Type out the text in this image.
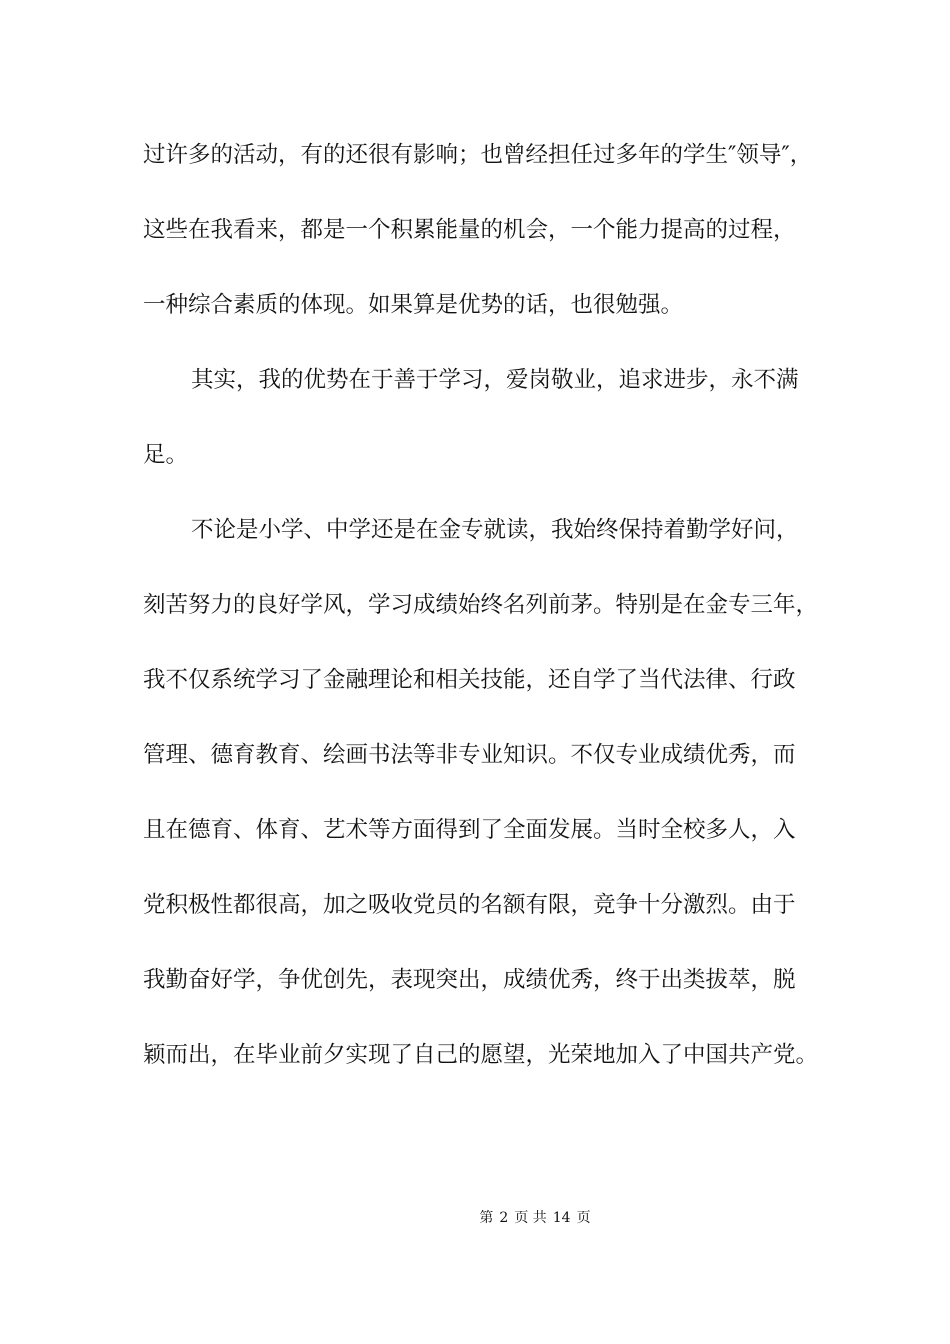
过许多的活动，有的还很有影响；也曾经担任过多年的学生″领导″，
这些在我看来，都是一个积累能量的机会，一个能力提高的过程，
一种综合素质的体现。如果算是优势的话，也很勉强。
其实，我的优势在于善于学习，爱岗敬业，追求进步，永不满
足。
不论是小学、中学还是在金专就读，我始终保持着勤学好问，
刻苦努力的良好学风，学习成绩始终名列前茅。特别是在金专三年，
我不仅系统学习了金融理论和相关技能，还自学了当代法律、行政
管理、德育教育、绘画书法等非专业知识。不仅专业成绩优秀，而
且在德育、体育、艺术等方面得到了全面发展。当时全校多人，入
党积极性都很高，加之吸收党员的名额有限，竞争十分激烈。由于
我勤奋好学，争优创先，表现突出，成绩优秀，终于出类拔萃，脱
颖而出，在毕业前夕实现了自己的愿望，光荣地加入了中国共产党。
第 2 页 共 14 页
